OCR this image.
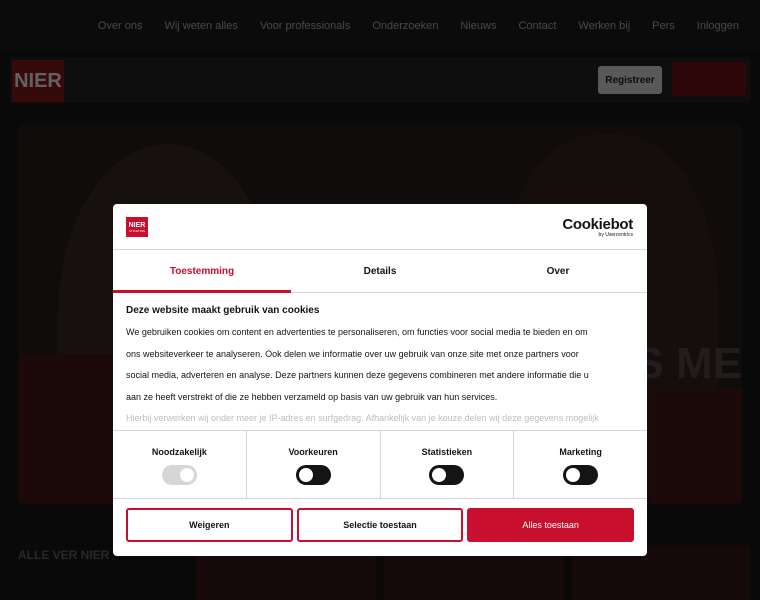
NIER
STICHTING	Cookiebot
by Usercentrics
Toestemming	Details	Over
Deze website maakt gebruik van cookies

We gebruiken cookies om content en advertenties te personaliseren, om functies voor social media te bieden en om

ons websiteverkeer te analyseren. Ook delen we informatie over uw gebruik van onze site met onze partners voor

social media, adverteren en analyse. Deze partners kunnen deze gegevens combineren met andere informatie die u

aan ze heeft verstrekt of die ze hebben verzameld op basis van uw gebruik van hun services.

Hierbij verwerken wij onder meer je IP-adres en surfgedrag. Afhankelijk van je keuze delen wij deze gegevens mogelijk

Noodzakelijk	Voorkeuren	Statistieken	Marketing
Weigeren	Selectie toestaan	Alles toestaan
